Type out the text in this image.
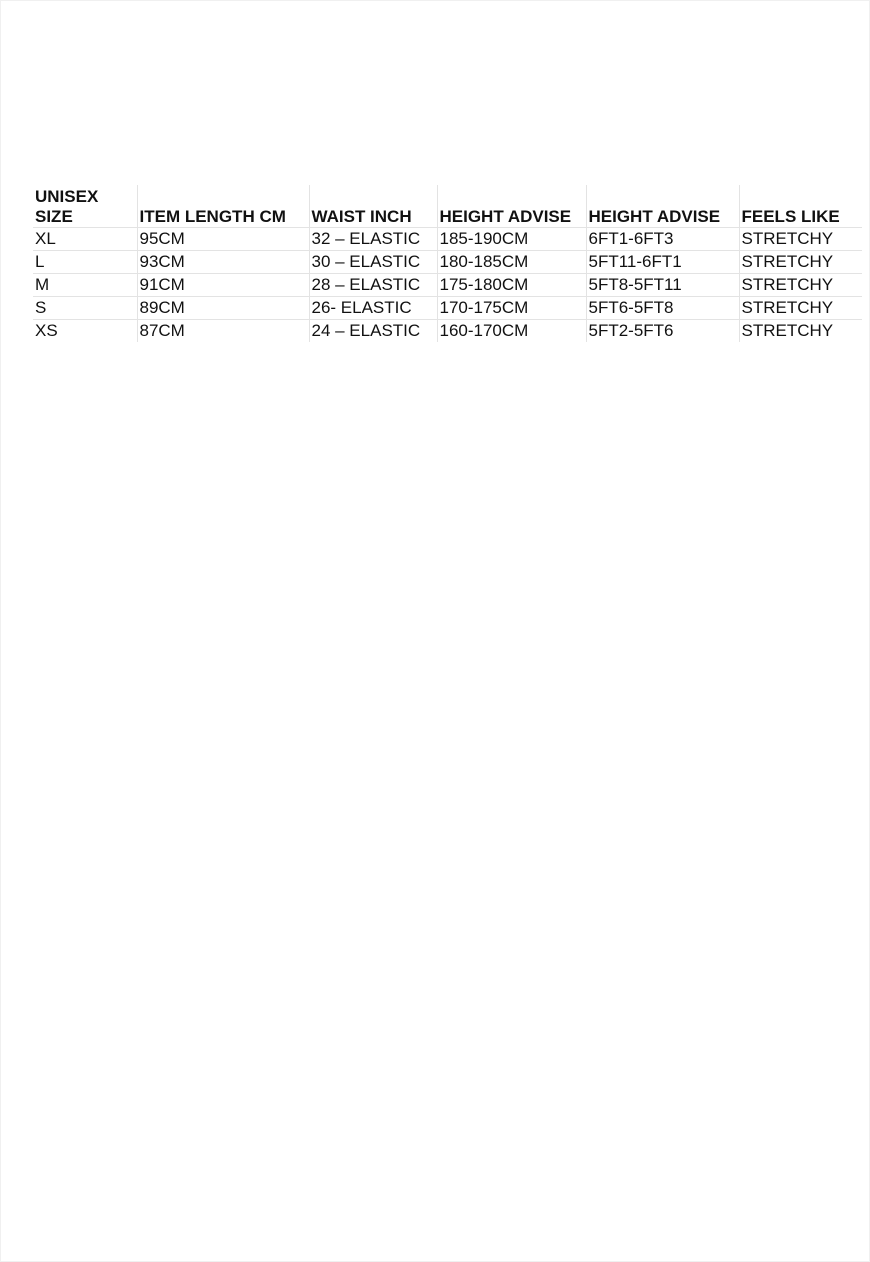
UNISEX
SIZE	ITEM LENGTH CM	WAIST INCH	HEIGHT ADVISE	HEIGHT ADVISE	FEELS LIKE
XL	95CM	32 – ELASTIC	185-190CM	6FT1-6FT3	STRETCHY
L	93CM	30 – ELASTIC	180-185CM	5FT11-6FT1	STRETCHY
M	91CM	28 – ELASTIC	175-180CM	5FT8-5FT11	STRETCHY
S	89CM	26- ELASTIC	170-175CM	5FT6-5FT8	STRETCHY
XS	87CM	24 – ELASTIC	160-170CM	5FT2-5FT6	STRETCHY
